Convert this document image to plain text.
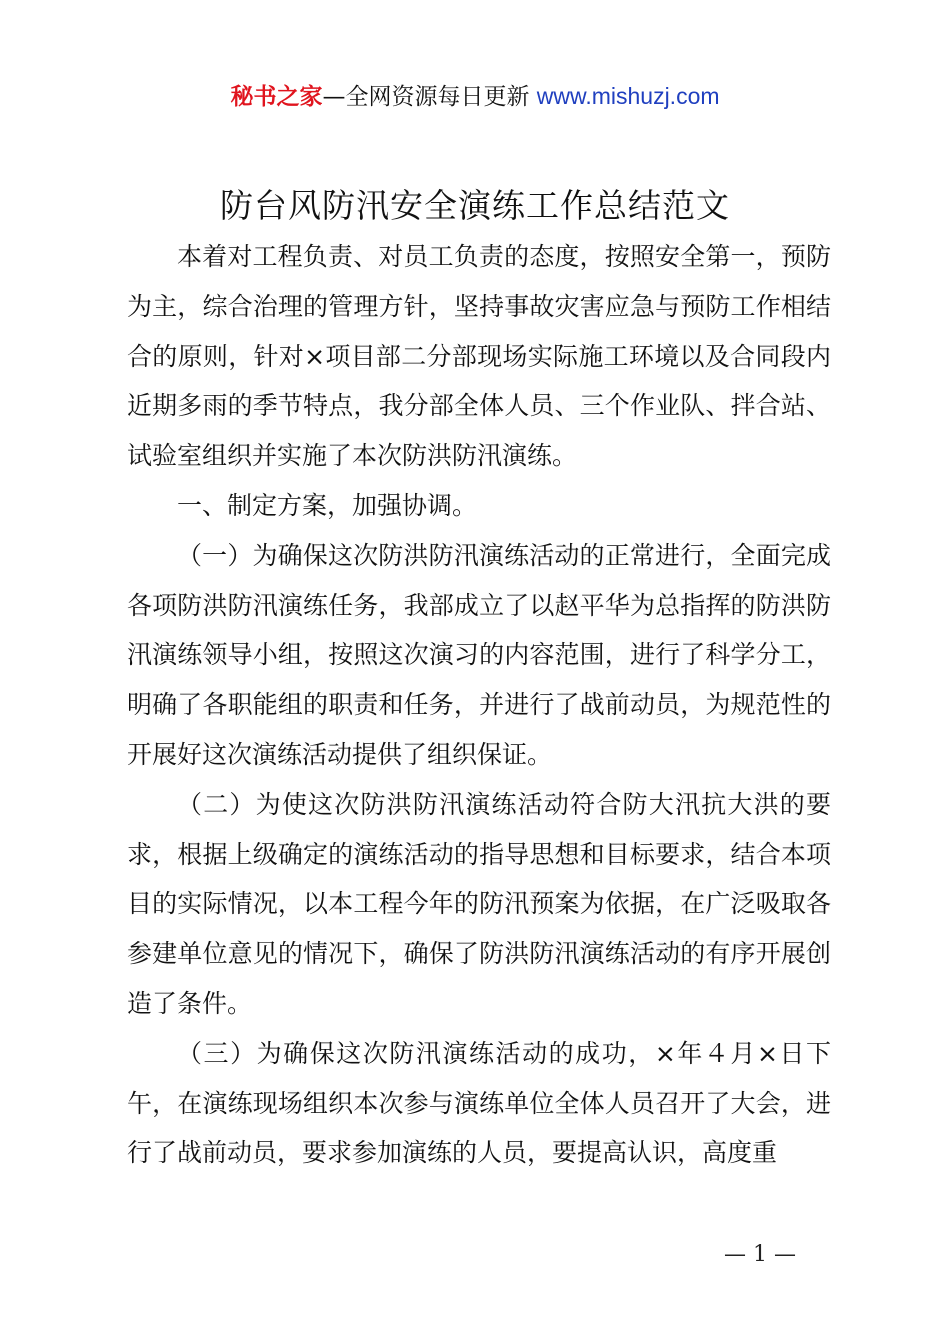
秘书之家—全网资源每日更新 www.mishuzj.com
防台风防汛安全演练工作总结范文

本着对工程负责、对员工负责的态度，按照安全第一，预防为主，综合治理的管理方针，坚持事故灾害应急与预防工作相结合的原则，针对×项目部二分部现场实际施工环境以及合同段内近期多雨的季节特点，我分部全体人员、三个作业队、拌合站、试验室组织并实施了本次防洪防汛演练。

一、制定方案，加强协调。

（一）为确保这次防洪防汛演练活动的正常进行，全面完成各项防洪防汛演练任务，我部成立了以赵平华为总指挥的防洪防汛演练领导小组，按照这次演习的内容范围，进行了科学分工，明确了各职能组的职责和任务，并进行了战前动员，为规范性的开展好这次演练活动提供了组织保证。

（二）为使这次防洪防汛演练活动符合防大汛抗大洪的要求，根据上级确定的演练活动的指导思想和目标要求，结合本项目的实际情况，以本工程今年的防汛预案为依据，在广泛吸取各参建单位意见的情况下，确保了防洪防汛演练活动的有序开展创造了条件。

（三）为确保这次防汛演练活动的成功，×年４月×日下午，在演练现场组织本次参与演练单位全体人员召开了大会，进行了战前动员，要求参加演练的人员，要提高认识，高度重

— 1 —
